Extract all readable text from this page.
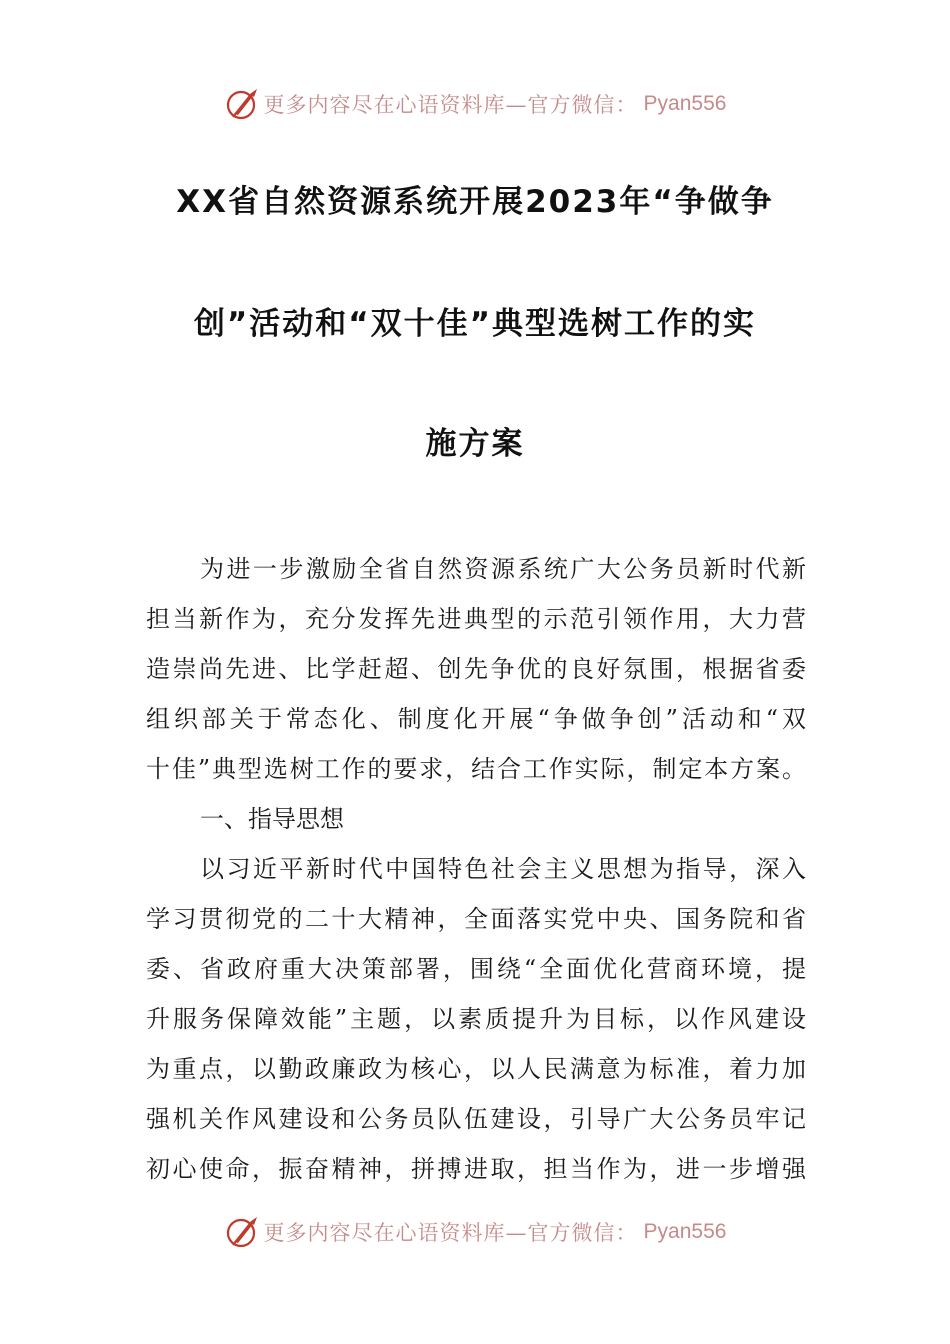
更多内容尽在心语资料库—官方微信： Pyan556
XX省自然资源系统开展2023年“争做争
创”活动和“双十佳”典型选树工作的实
施方案
为进一步激励全省自然资源系统广大公务员新时代新
担当新作为，充分发挥先进典型的示范引领作用，大力营
造崇尚先进、比学赶超、创先争优的良好氛围，根据省委
组织部关于常态化、制度化开展“争做争创”活动和“双
十佳”典型选树工作的要求，结合工作实际，制定本方案。
一、指导思想
以习近平新时代中国特色社会主义思想为指导，深入
学习贯彻党的二十大精神，全面落实党中央、国务院和省
委、省政府重大决策部署，围绕“全面优化营商环境，提
升服务保障效能”主题，以素质提升为目标，以作风建设
为重点，以勤政廉政为核心，以人民满意为标准，着力加
强机关作风建设和公务员队伍建设，引导广大公务员牢记
初心使命，振奋精神，拼搏进取，担当作为，进一步增强
更多内容尽在心语资料库—官方微信： Pyan556
